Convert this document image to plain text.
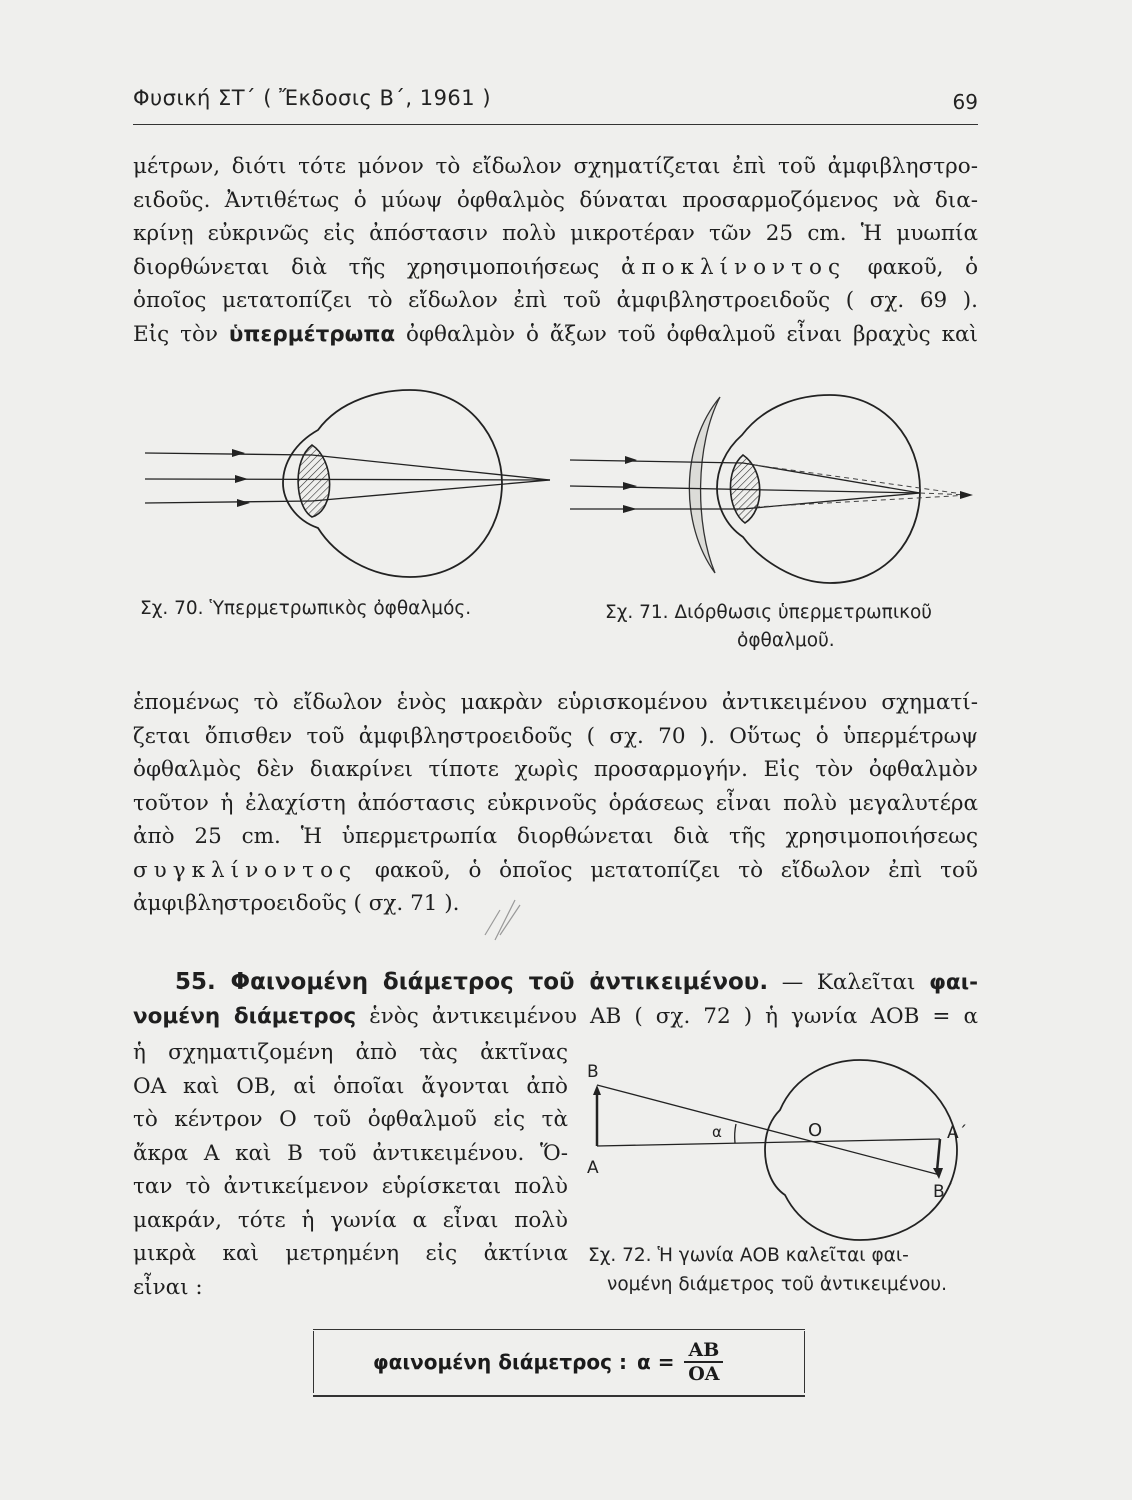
Φυσική ΣΤ΄ ( Ἔκδοσις Β΄, 1961 )	69
μέτρων, διότι τότε μόνον τὸ εἴδωλον σχηματίζεται ἐπὶ τοῦ ἀμφιβληστρο-
ειδοῦς. Ἀντιθέτως ὁ μύωψ ὀφθαλμὸς δύναται προσαρμοζόμενος νὰ δια-
κρίνῃ εὐκρινῶς εἰς ἀπόστασιν πολὺ μικροτέραν τῶν 25 cm. Ἡ μυωπία
διορθώνεται διὰ τῆς χρησιμοποιήσεως ἀποκλίνοντος φακοῦ, ὁ
ὁποῖος μετατοπίζει τὸ εἴδωλον ἐπὶ τοῦ ἀμφιβληστροειδοῦς ( σχ. 69 ).
Εἰς τὸν ὑπερμέτρωπα ὀφθαλμὸν ὁ ἄξων τοῦ ὀφθαλμοῦ εἶναι βραχὺς καὶ
Σχ. 70. Ὑπερμετρωπικὸς ὀφθαλμός.	Σχ. 71. Διόρθωσις ὑπερμετρωπικοῦ
ὀφθαλμοῦ.
ἑπομένως τὸ εἴδωλον ἑνὸς μακρὰν εὑρισκομένου ἀντικειμένου σχηματί-
ζεται ὄπισθεν τοῦ ἀμφιβληστροειδοῦς ( σχ. 70 ). Οὕτως ὁ ὑπερμέτρωψ
ὀφθαλμὸς δὲν διακρίνει τίποτε χωρὶς προσαρμογήν. Εἰς τὸν ὀφθαλμὸν
τοῦτον ἡ ἐλαχίστη ἀπόστασις εὐκρινοῦς ὁράσεως εἶναι πολὺ μεγαλυτέρα
ἀπὸ 25 cm. Ἡ ὑπερμετρωπία διορθώνεται διὰ τῆς χρησιμοποιήσεως
συγκλίνοντος φακοῦ, ὁ ὁποῖος μετατοπίζει τὸ εἴδωλον ἐπὶ τοῦ
ἀμφιβληστροειδοῦς ( σχ. 71 ).
55. Φαινομένη διάμετρος τοῦ ἀντικειμένου. — Καλεῖται φαι-
νομένη διάμετρος ἑνὸς ἀντικειμένου AB ( σχ. 72 ) ἡ γωνία AOB = α
ἡ σχηματιζομένη ἀπὸ τὰς ἀκτῖνας
ΟΑ καὶ ΟΒ, αἱ ὁποῖαι ἄγονται ἀπὸ
τὸ κέντρον Ο τοῦ ὀφθαλμοῦ εἰς τὰ
ἄκρα Α καὶ Β τοῦ ἀντικειμένου. Ὅ-
ταν τὸ ἀντικείμενον εὑρίσκεται πολὺ
μακράν, τότε ἡ γωνία α εἶναι πολὺ
μικρὰ καὶ μετρημένη εἰς ἀκτίνια
εἶναι :
B
A
α	O	A΄
B΄
Σχ. 72. Ἡ γωνία ΑΟΒ καλεῖται φαι-
νομένη διάμετρος τοῦ ἀντικειμένου.
φαινομένη διάμετρος : $\alpha = \frac{AB}{OA}$
